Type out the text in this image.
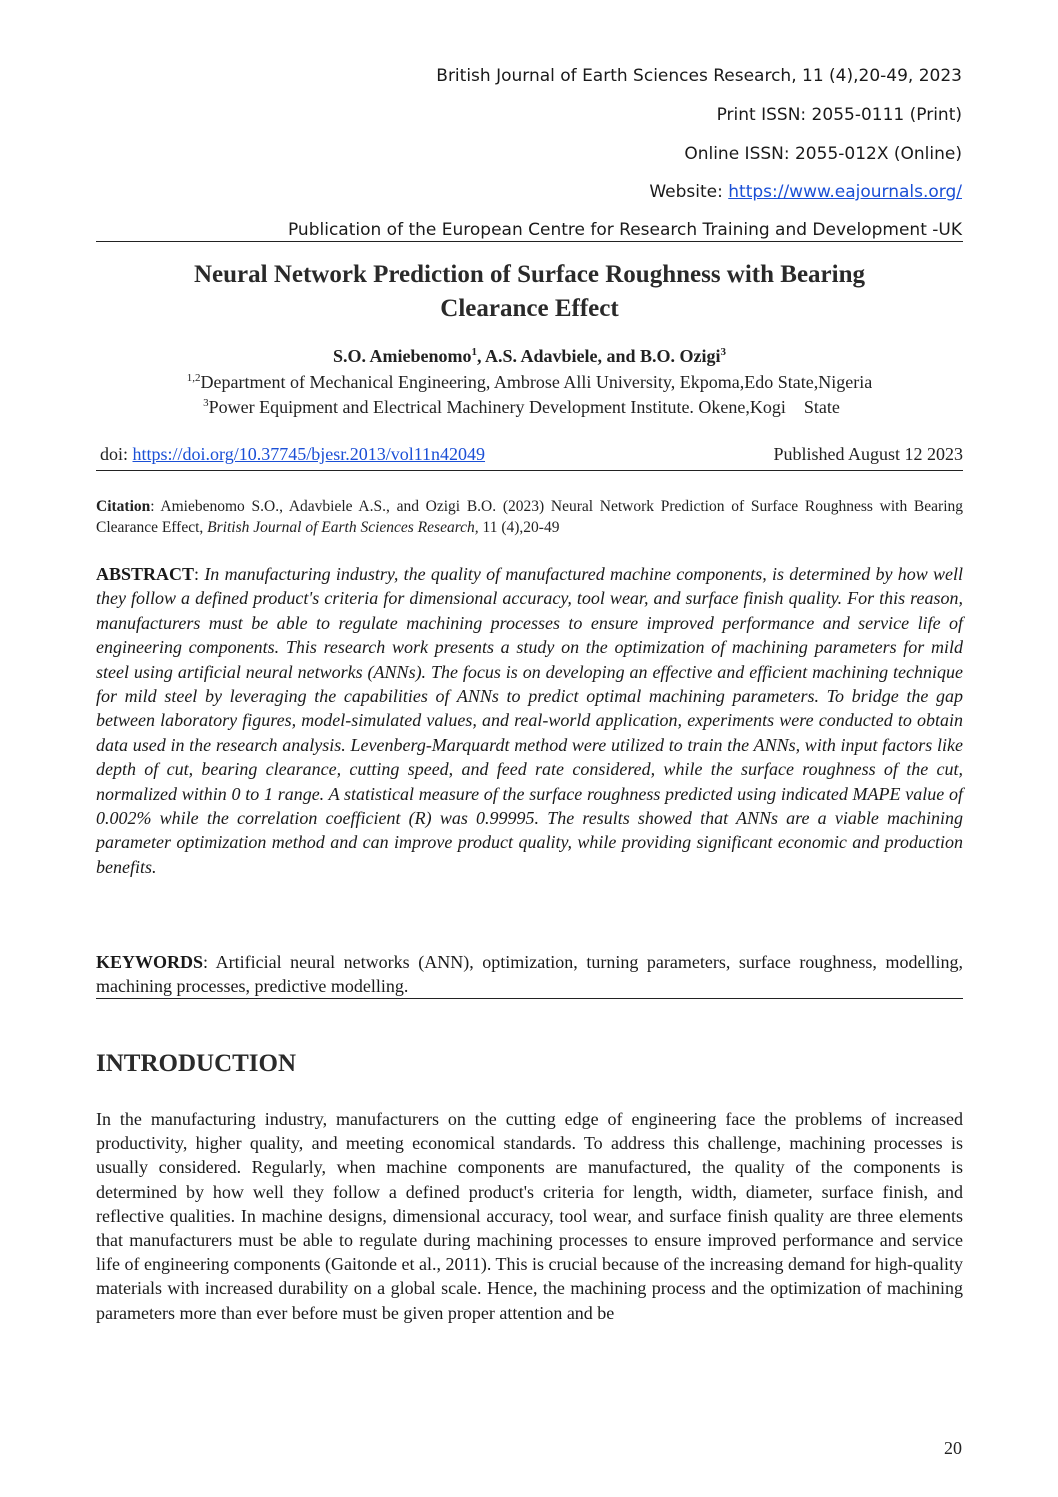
British Journal of Earth Sciences Research, 11 (4),20-49, 2023
Print ISSN: 2055-0111 (Print)
Online ISSN: 2055-012X (Online)
Website: https://www.eajournals.org/
Publication of the European Centre for Research Training and Development -UK
Neural Network Prediction of Surface Roughness with Bearing
Clearance Effect
S.O. Amiebenomo$^1$, A.S. Adavbiele, and B.O. Ozigi$^3$
$^{1,2}$Department of Mechanical Engineering, Ambrose Alli University, Ekpoma,Edo State,Nigeria
$^3$Power Equipment and Electrical Machinery Development Institute. Okene,Kogi    State
doi: https://doi.org/10.37745/bjesr.2013/vol11n42049	Published August 12 2023
Citation: Amiebenomo S.O., Adavbiele A.S., and Ozigi B.O. (2023) Neural Network Prediction of Surface Roughness with Bearing Clearance Effect, British Journal of Earth Sciences Research, 11 (4),20-49
ABSTRACT: In manufacturing industry, the quality of manufactured machine components, is determined by how well they follow a defined product's criteria for dimensional accuracy, tool wear, and surface finish quality. For this reason, manufacturers must be able to regulate machining processes to ensure improved performance and service life of engineering components. This research work presents a study on the optimization of machining parameters for mild steel using artificial neural networks (ANNs). The focus is on developing an effective and efficient machining technique for mild steel by leveraging the capabilities of ANNs to predict optimal machining parameters. To bridge the gap between laboratory figures, model-simulated values, and real-world application, experiments were conducted to obtain data used in the research analysis. Levenberg-Marquardt method were utilized to train the ANNs, with input factors like depth of cut, bearing clearance, cutting speed, and feed rate considered, while the surface roughness of the cut, normalized within 0 to 1 range. A statistical measure of the surface roughness predicted using indicated MAPE value of 0.002% while the correlation coefficient (R) was 0.99995. The results showed that ANNs are a viable machining parameter optimization method and can improve product quality, while providing significant economic and production benefits.
KEYWORDS: Artificial neural networks (ANN), optimization, turning parameters, surface roughness, modelling, machining processes, predictive modelling.
INTRODUCTION

In the manufacturing industry, manufacturers on the cutting edge of engineering face the problems of increased productivity, higher quality, and meeting economical standards. To address this challenge, machining processes is usually considered. Regularly, when machine components are manufactured, the quality of the components is determined by how well they follow a defined product's criteria for length, width, diameter, surface finish, and reflective qualities. In machine designs, dimensional accuracy, tool wear, and surface finish quality are three elements that manufacturers must be able to regulate during machining processes to ensure improved performance and service life of engineering components (Gaitonde et al., 2011). This is crucial because of the increasing demand for high-quality materials with increased durability on a global scale. Hence, the machining process and the optimization of machining parameters more than ever before must be given proper attention and be

20
